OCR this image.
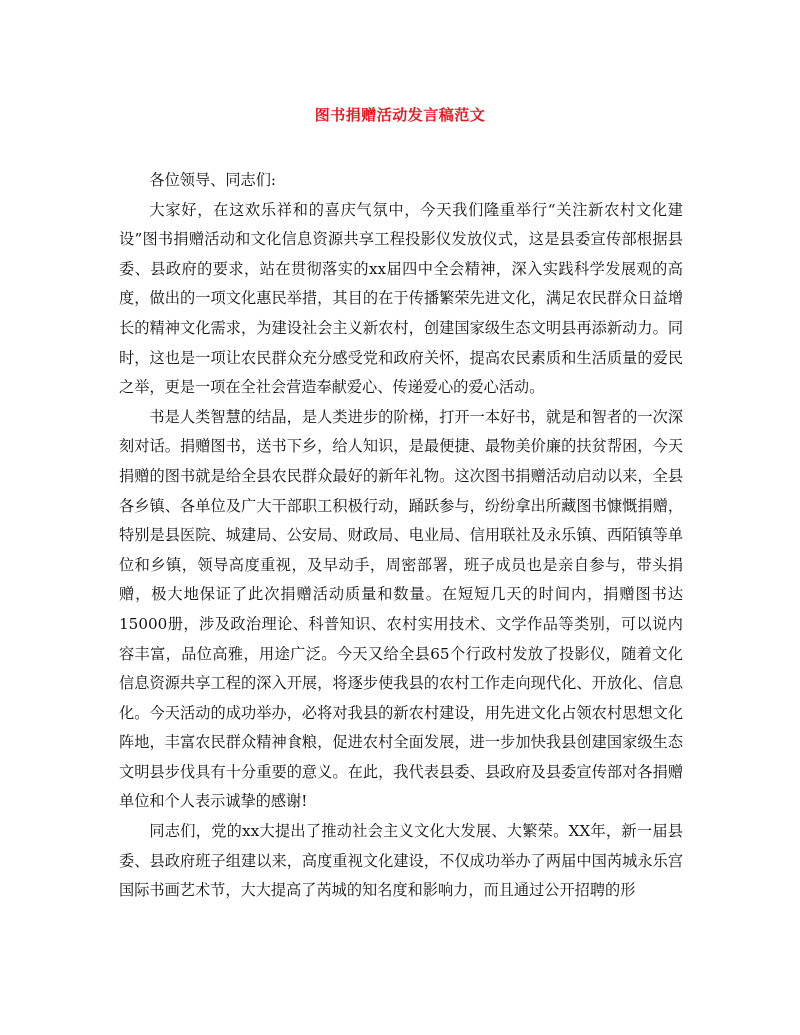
图书捐赠活动发言稿范文

各位领导、同志们:

大家好，在这欢乐祥和的喜庆气氛中，今天我们隆重举行“关注新农村文化建设”图书捐赠活动和文化信息资源共享工程投影仪发放仪式，这是县委宣传部根据县委、县政府的要求，站在贯彻落实的xx届四中全会精神，深入实践科学发展观的高度，做出的一项文化惠民举措，其目的在于传播繁荣先进文化，满足农民群众日益增长的精神文化需求，为建设社会主义新农村，创建国家级生态文明县再添新动力。同时，这也是一项让农民群众充分感受党和政府关怀，提高农民素质和生活质量的爱民之举，更是一项在全社会营造奉献爱心、传递爱心的爱心活动。

书是人类智慧的结晶，是人类进步的阶梯，打开一本好书，就是和智者的一次深刻对话。捐赠图书，送书下乡，给人知识，是最便捷、最物美价廉的扶贫帮困，今天捐赠的图书就是给全县农民群众最好的新年礼物。这次图书捐赠活动启动以来，全县各乡镇、各单位及广大干部职工积极行动，踊跃参与，纷纷拿出所藏图书慷慨捐赠，特别是县医院、城建局、公安局、财政局、电业局、信用联社及永乐镇、西陌镇等单位和乡镇，领导高度重视，及早动手，周密部署，班子成员也是亲自参与，带头捐赠，极大地保证了此次捐赠活动质量和数量。在短短几天的时间内，捐赠图书达15000册，涉及政治理论、科普知识、农村实用技术、文学作品等类别，可以说内容丰富，品位高雅，用途广泛。今天又给全县65个行政村发放了投影仪，随着文化信息资源共享工程的深入开展，将逐步使我县的农村工作走向现代化、开放化、信息化。今天活动的成功举办，必将对我县的新农村建设，用先进文化占领农村思想文化阵地，丰富农民群众精神食粮，促进农村全面发展，进一步加快我县创建国家级生态文明县步伐具有十分重要的意义。在此，我代表县委、县政府及县委宣传部对各捐赠单位和个人表示诚挚的感谢!

同志们，党的xx大提出了推动社会主义文化大发展、大繁荣。XX年，新一届县委、县政府班子组建以来，高度重视文化建设，不仅成功举办了两届中国芮城永乐宫国际书画艺术节，大大提高了芮城的知名度和影响力，而且通过公开招聘的形
